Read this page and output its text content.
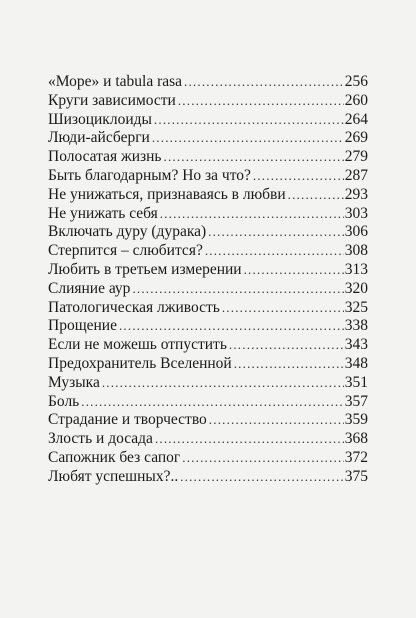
«Море» и tabula rasa .....	256
Круги зависимости .....	260
Шизоциклоиды .....	264
Люди-айсберги .....	269
Полосатая жизнь .....	279
Быть благодарным? Но за что? .....	287
Не унижаться, признаваясь в любви .....	293
Не унижать себя .....	303
Включать дуру (дурака) .....	306
Стерпится – слюбится? .....	308
Любить в третьем измерении .....	313
Слияние аур .....	320
Патологическая лживость .....	325
Прощение .....	338
Если не можешь отпустить .....	343
Предохранитель Вселенной .....	348
Музыка .....	351
Боль .....	357
Страдание и творчество .....	359
Злость и досада .....	368
Сапожник без сапог .....	372
Любят успешных?.. .....	375
